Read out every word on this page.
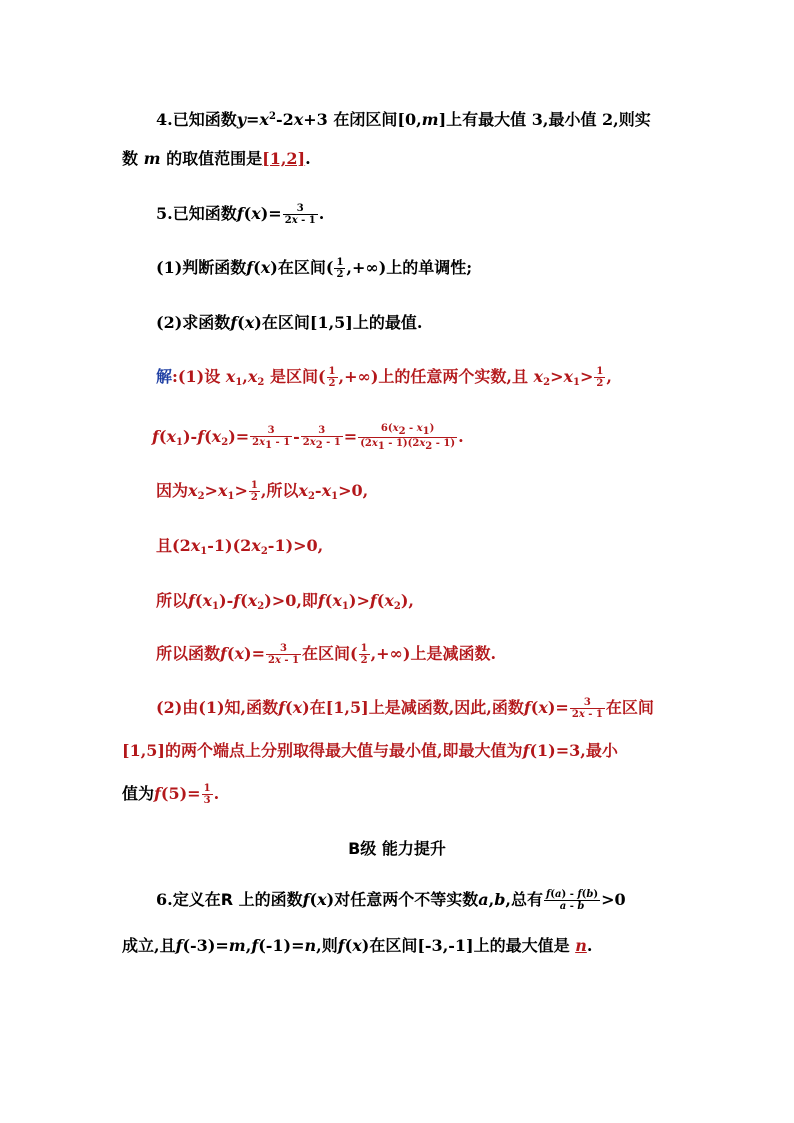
4.已知函数$y=x^2-2x+3$ 在闭区间[0,m]上有最大值 3,最小值 2,则实
数 m 的取值范围是[1,2].
5.已知函数$f(x)= \frac{3}{2x - 1}$ .
(1)判断函数f(x)在区间( $\frac{1}{2}$ ,+∞)上的单调性;
(2)求函数f(x)在区间[1,5]上的最值.
解:(1)设 $x_1,x_2$ 是区间( $\frac{1}{2}$ ,+∞)上的任意两个实数,且 $x_2>x_1> \frac{1}{2}$ ,
$f(x_1)-f(x_2)= \frac{3}{2x_1 - 1} - \frac{3}{2x_2 - 1} = \frac{6(x_2 - x_1)}{(2x_1 - 1)(2x_2 - 1)}$ .
因为$x_2>x_1> \frac{1}{2}$ ,所以$x_2-x_1>0$,
且$(2x_1-1)(2x_2-1)>0$,
所以$f(x_1)-f(x_2)>0$,即$f(x_1)>f(x_2)$,
所以函数$f(x)= \frac{3}{2x - 1}$ 在区间( $\frac{1}{2}$ ,+∞)上是减函数.
(2)由(1)知,函数f(x)在[1,5]上是减函数,因此,函数$f(x)= \frac{3}{2x - 1}$ 在区间
[1,5]的两个端点上分别取得最大值与最小值,即最大值为f(1)=3,最小
值为$f(5)= \frac{1}{3}$ .
B级 能力提升
6.定义在R 上的函数f(x)对任意两个不等实数a,b,总有 $\frac{f(a) - f(b)}{a - b} >0$
成立,且f(-3)=m,f(-1)=n,则f(x)在区间[-3,-1]上的最大值是 n.
